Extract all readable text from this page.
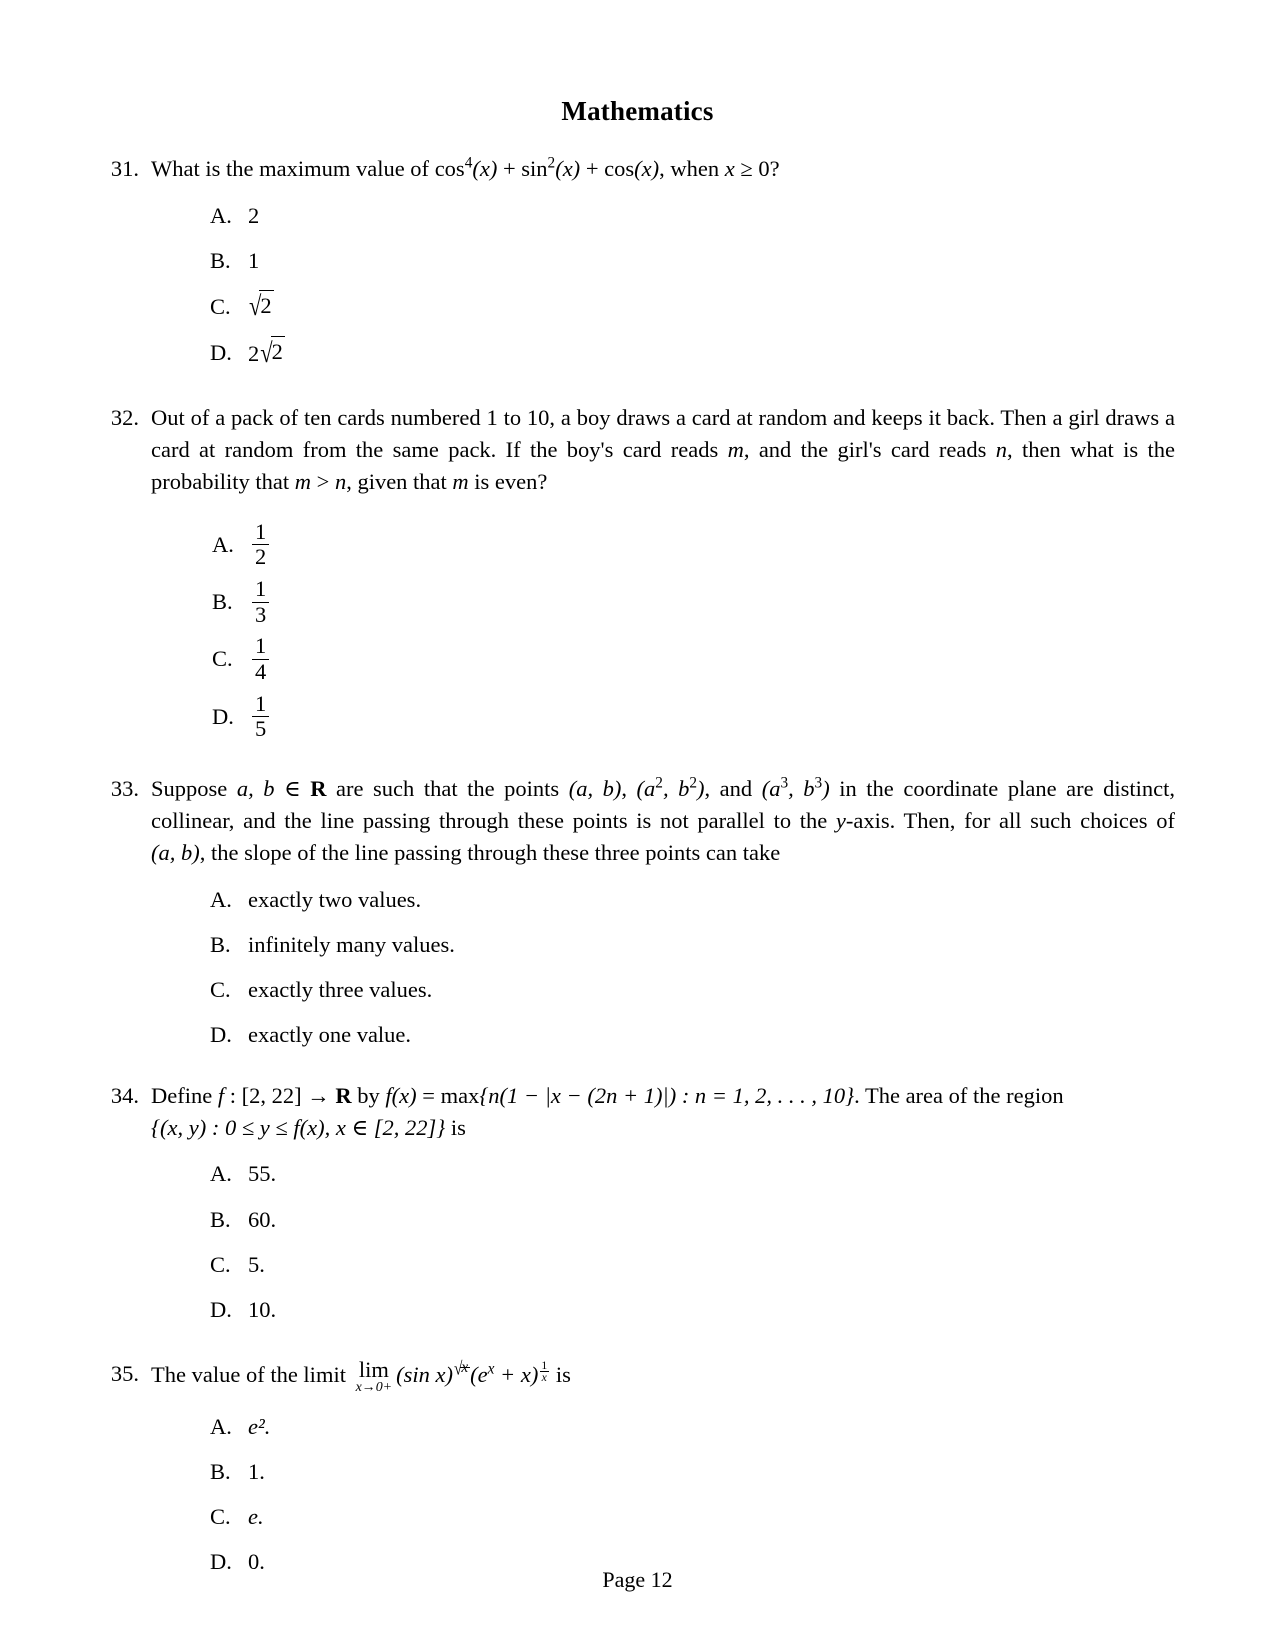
Mathematics
31. What is the maximum value of $\cos^4(x) + \sin^2(x) + \cos(x)$, when x ≥ 0?
A. 2
B. 1
C. √2
D. 2√2
32. Out of a pack of ten cards numbered 1 to 10, a boy draws a card at random and keeps it back. Then a girl draws a card at random from the same pack. If the boy's card reads m, and the girl's card reads n, then what is the probability that m > n, given that m is even?
A. $\frac{1}{2}$
B. $\frac{1}{3}$
C. $\frac{1}{4}$
D. $\frac{1}{5}$
33. Suppose a, b ∈ R are such that the points (a, b), ($a^2$, $b^2$), and ($a^3$, $b^3$) in the coordinate plane are distinct, collinear, and the line passing through these points is not parallel to the y-axis. Then, for all such choices of (a, b), the slope of the line passing through these three points can take
A. exactly two values.
B. infinitely many values.
C. exactly three values.
D. exactly one value.
34. Define f : [2, 22] → R by f(x) = max{n(1 − |x − (2n + 1)|) : n = 1, 2, . . . , 10}. The area of the region
{(x, y) : 0 ≤ y ≤ f(x), x ∈ [2, 22]} is
A. 55.
B. 60.
C. 5.
D. 10.
35. The value of the limit lim
x→0+
(sin $x)^{√x}(e^x + x) \frac{1}{x}$ is
A. e².
B. 1.
C. e.
D. 0.
Page 12
